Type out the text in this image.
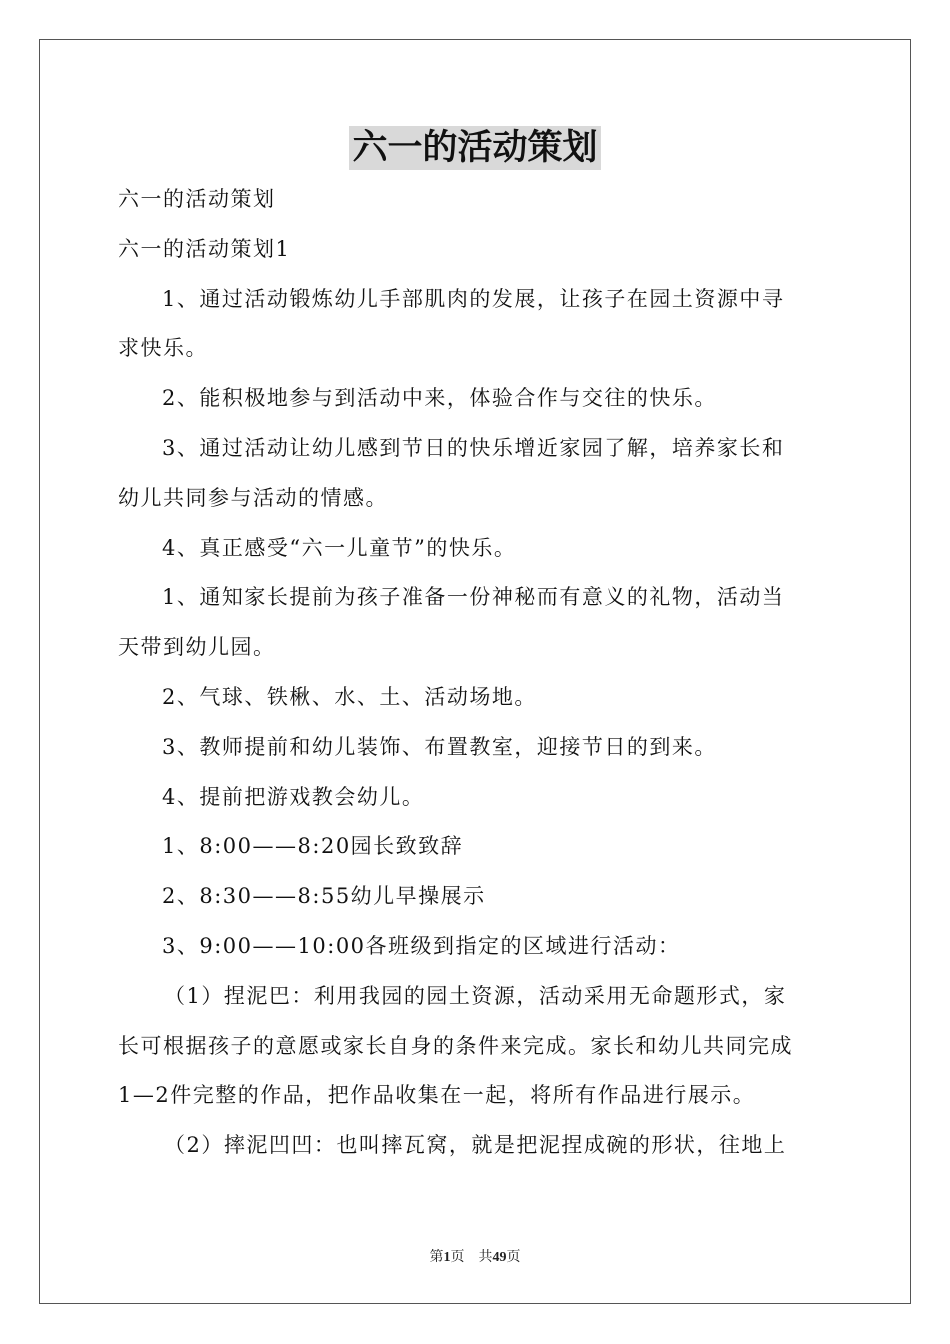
六一的活动策划
六一的活动策划
六一的活动策划1
1、通过活动锻炼幼儿手部肌肉的发展，让孩子在园土资源中寻
求快乐。
2、能积极地参与到活动中来，体验合作与交往的快乐。
3、通过活动让幼儿感到节日的快乐增近家园了解，培养家长和
幼儿共同参与活动的情感。
4、真正感受“六一儿童节”的快乐。
1、通知家长提前为孩子准备一份神秘而有意义的礼物，活动当
天带到幼儿园。
2、气球、铁楸、水、土、活动场地。
3、教师提前和幼儿装饰、布置教室，迎接节日的到来。
4、提前把游戏教会幼儿。
1、8:00——8:20园长致致辞
2、8:30——8:55幼儿早操展示
3、9:00——10:00各班级到指定的区域进行活动：
（1）捏泥巴：利用我园的园土资源，活动采用无命题形式，家
长可根据孩子的意愿或家长自身的条件来完成。家长和幼儿共同完成
1—2件完整的作品，把作品收集在一起，将所有作品进行展示。
（2）摔泥凹凹：也叫摔瓦窝，就是把泥捏成碗的形状，往地上
第1页 共49页
